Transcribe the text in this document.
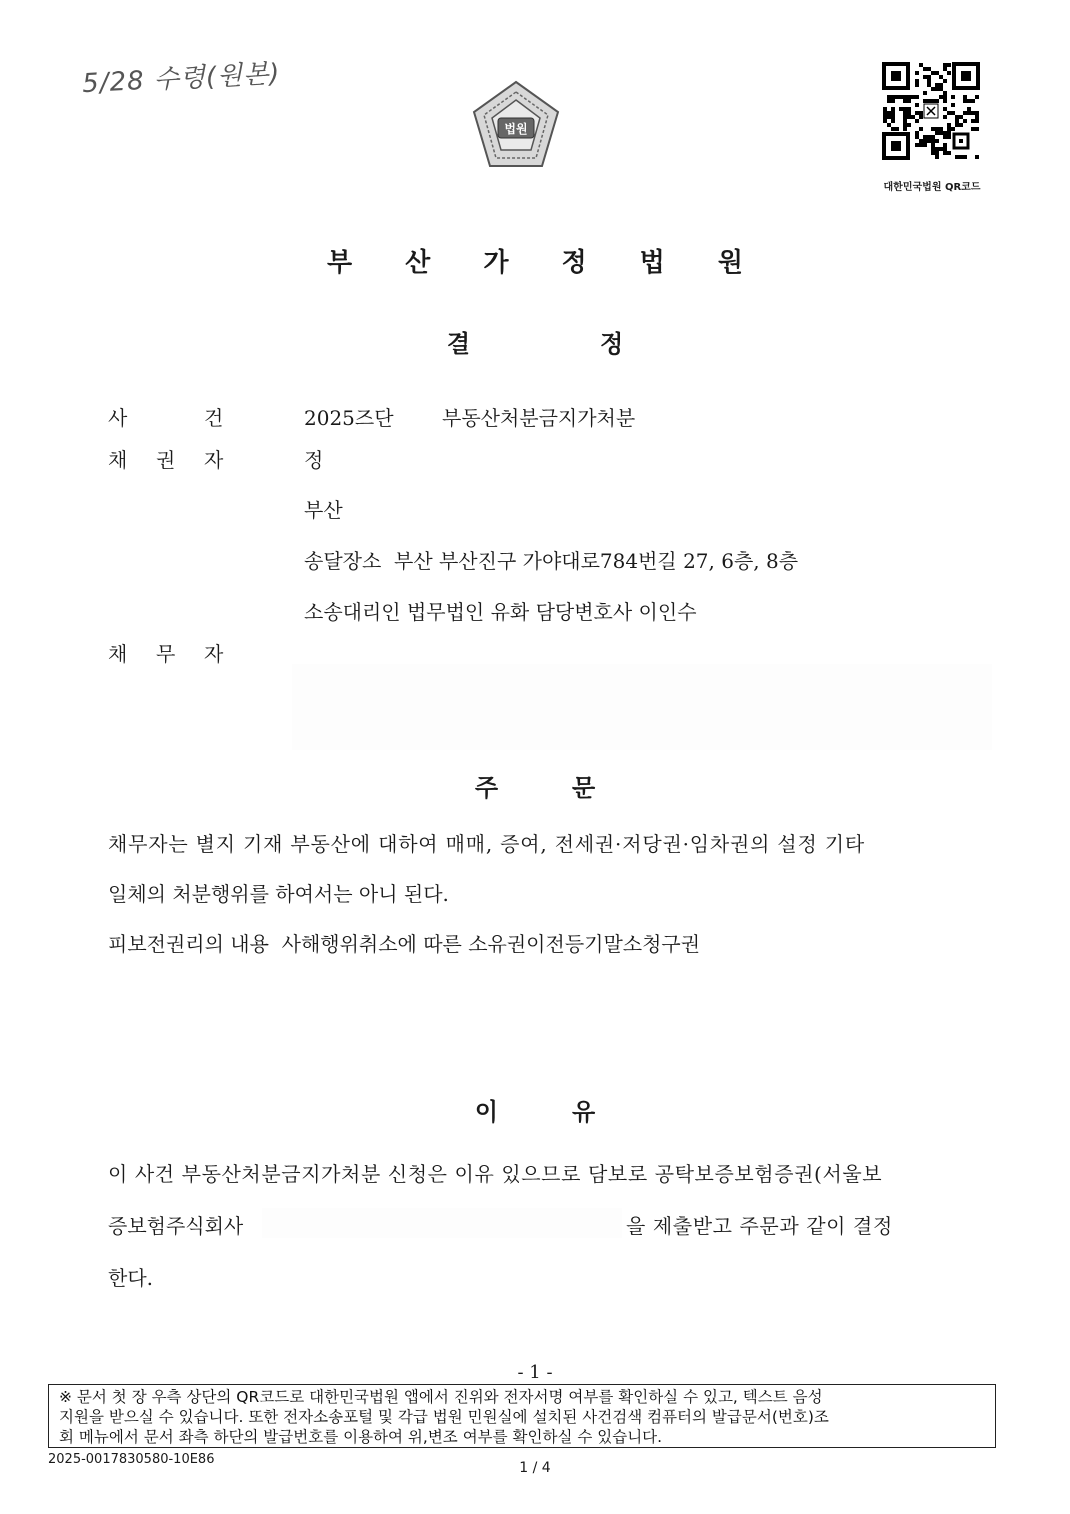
5/28 수령(원본)
법원
대한민국법원 QR코드
부 산 가 정 법 원
결	정
사	건	2025즈단 부동산처분금지가처분
채 권 자	정
부산
송달장소  부산 부산진구 가야대로784번길 27, 6층, 8층
소송대리인 법무법인 유화 담당변호사 이인수
채 무 자
주	문
채무자는 별지 기재 부동산에 대하여 매매, 증여, 전세권·저당권·임차권의 설정 기타
일체의 처분행위를 하여서는 아니 된다.
피보전권리의 내용  사해행위취소에 따른 소유권이전등기말소청구권
이	유
이 사건 부동산처분금지가처분 신청은 이유 있으므로 담보로 공탁보증보험증권(서울보
증보험주식회사	을 제출받고 주문과 같이 결정
한다.
- 1 -
※ 문서 첫 장 우측 상단의 QR코드로 대한민국법원 앱에서 진위와 전자서명 여부를 확인하실 수 있고, 텍스트 음성
지원을 받으실 수 있습니다. 또한 전자소송포털 및 각급 법원 민원실에 설치된 사건검색 컴퓨터의 발급문서(번호)조
회 메뉴에서 문서 좌측 하단의 발급번호를 이용하여 위,변조 여부를 확인하실 수 있습니다.
2025-0017830580-10E86
1 / 4
